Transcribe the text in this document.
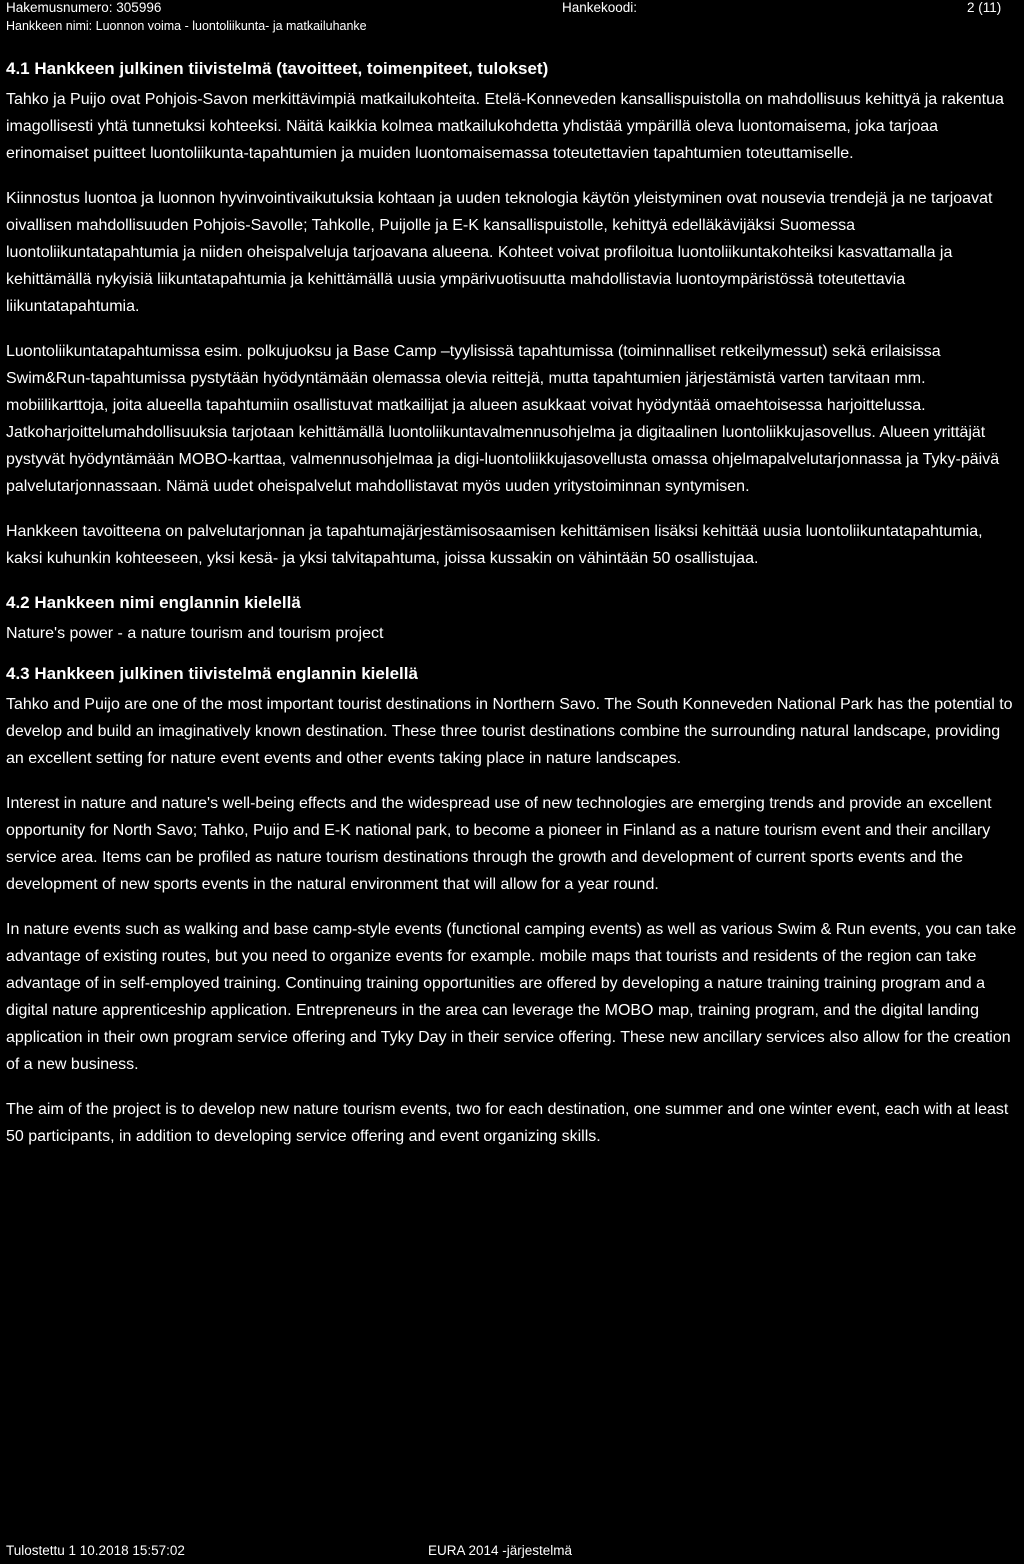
Hakemusnumero: 305996
Hankkeen nimi: Luonnon voima - luontoliikunta- ja matkailuhanke
Hankekoodi:	2 (11)
4.1 Hankkeen julkinen tiivistelmä (tavoitteet, toimenpiteet, tulokset)

Tahko ja Puijo ovat Pohjois-Savon merkittävimpiä matkailukohteita. Etelä-Konneveden kansallispuistolla on mahdollisuus kehittyä ja rakentua imagollisesti yhtä tunnetuksi kohteeksi. Näitä kaikkia kolmea matkailukohdetta yhdistää ympärillä oleva luontomaisema, joka tarjoaa erinomaiset puitteet luontoliikunta-tapahtumien ja muiden luontomaisemassa toteutettavien tapahtumien toteuttamiselle.

Kiinnostus luontoa ja luonnon hyvinvointivaikutuksia kohtaan ja uuden teknologia käytön yleistyminen ovat nousevia trendejä ja ne tarjoavat oivallisen mahdollisuuden Pohjois-Savolle; Tahkolle, Puijolle ja E-K kansallispuistolle, kehittyä edelläkävijäksi Suomessa luontoliikuntatapahtumia ja niiden oheispalveluja tarjoavana alueena. Kohteet voivat profiloitua luontoliikuntakohteiksi kasvattamalla ja kehittämällä nykyisiä liikuntatapahtumia ja kehittämällä uusia ympärivuotisuutta mahdollistavia luontoympäristössä toteutettavia liikuntatapahtumia.

Luontoliikuntatapahtumissa esim. polkujuoksu ja Base Camp –tyylisissä tapahtumissa (toiminnalliset retkeilymessut) sekä erilaisissa Swim&Run-tapahtumissa pystytään hyödyntämään olemassa olevia reittejä, mutta tapahtumien järjestämistä varten tarvitaan mm. mobiilikarttoja, joita alueella tapahtumiin osallistuvat matkailijat ja alueen asukkaat voivat hyödyntää omaehtoisessa harjoittelussa. Jatkoharjoittelumahdollisuuksia tarjotaan kehittämällä luontoliikuntavalmennusohjelma ja digitaalinen luontoliikkujasovellus. Alueen yrittäjät pystyvät hyödyntämään MOBO-karttaa, valmennusohjelmaa ja digi-luontoliikkujasovellusta omassa ohjelmapalvelutarjonnassa ja Tyky-päivä palvelutarjonnassaan. Nämä uudet oheispalvelut mahdollistavat myös uuden yritystoiminnan syntymisen.

Hankkeen tavoitteena on palvelutarjonnan ja tapahtumajärjestämisosaamisen kehittämisen lisäksi kehittää uusia luontoliikuntatapahtumia, kaksi kuhunkin kohteeseen, yksi kesä- ja yksi talvitapahtuma, joissa kussakin on vähintään 50 osallistujaa.

4.2 Hankkeen nimi englannin kielellä

Nature's power - a nature tourism and tourism project

4.3 Hankkeen julkinen tiivistelmä englannin kielellä

Tahko and Puijo are one of the most important tourist destinations in Northern Savo. The South Konneveden National Park has the potential to develop and build an imaginatively known destination. These three tourist destinations combine the surrounding natural landscape, providing an excellent setting for nature event events and other events taking place in nature landscapes.

Interest in nature and nature's well-being effects and the widespread use of new technologies are emerging trends and provide an excellent opportunity for North Savo; Tahko, Puijo and E-K national park, to become a pioneer in Finland as a nature tourism event and their ancillary service area. Items can be profiled as nature tourism destinations through the growth and development of current sports events and the development of new sports events in the natural environment that will allow for a year round.

In nature events such as walking and base camp-style events (functional camping events) as well as various Swim & Run events, you can take advantage of existing routes, but you need to organize events for example. mobile maps that tourists and residents of the region can take advantage of in self-employed training. Continuing training opportunities are offered by developing a nature training training program and a digital nature apprenticeship application. Entrepreneurs in the area can leverage the MOBO map, training program, and the digital landing application in their own program service offering and Tyky Day in their service offering. These new ancillary services also allow for the creation of a new business.

The aim of the project is to develop new nature tourism events, two for each destination, one summer and one winter event, each with at least 50 participants, in addition to developing service offering and event organizing skills.

Tulostettu 1 10.2018 15:57:02	EURA 2014 -järjestelmä
